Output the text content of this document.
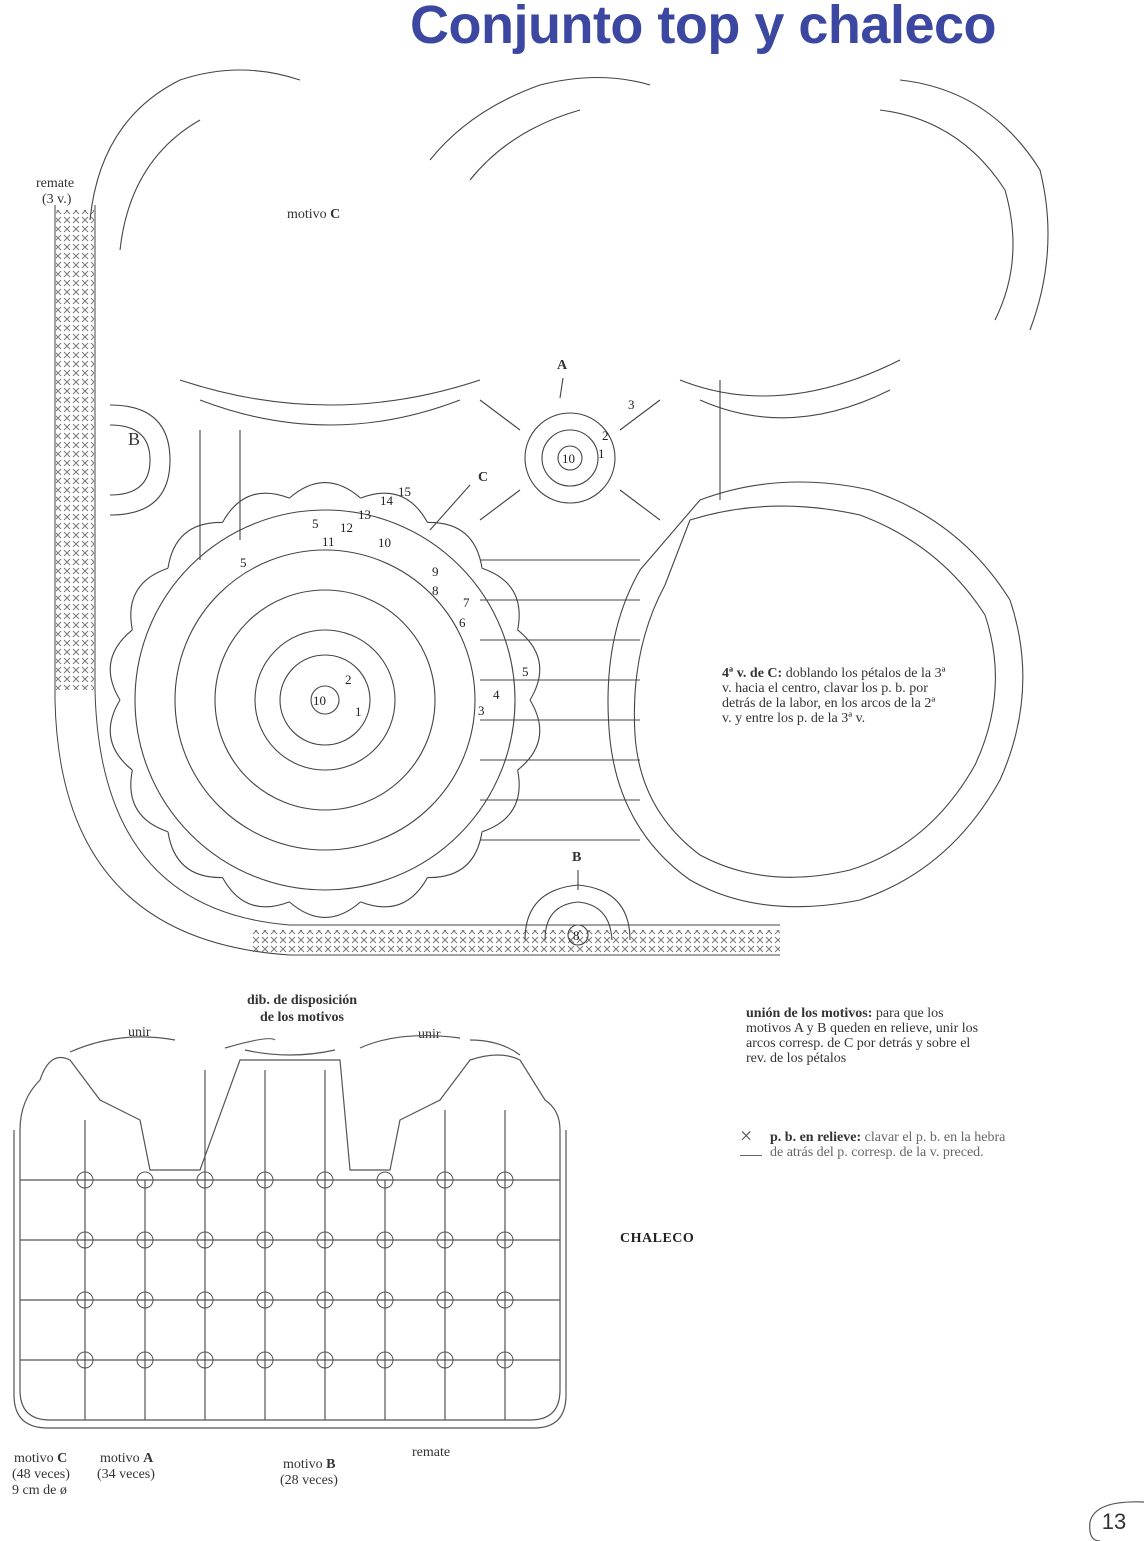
Conjunto top y chaleco
remate
(3 v.)
motivo C
A
C
B
B
10
10
8
3
2
1
1
2
3
4
5
6
7
8
9
10
11
12
13
14
15
5
5
4ª v. de C: doblando los pétalos de la 3ª v. hacia el centro, clavar los p. b. por detrás de la labor, en los arcos de la 2ª v. y entre los p. de la 3ª v.
dib. de disposición
de los motivos
unir	unir
motivo C
(48 veces)
9 cm de ø
motivo A
(34 veces)
motivo B
(28 veces)
remate
unión de los motivos: para que los motivos A y B queden en relieve, unir los arcos corresp. de C por detrás y sobre el rev. de los pétalos
× p. b. en relieve: clavar el p. b. en la hebra de atrás del p. corresp. de la v. preced.
CHALECO
13
